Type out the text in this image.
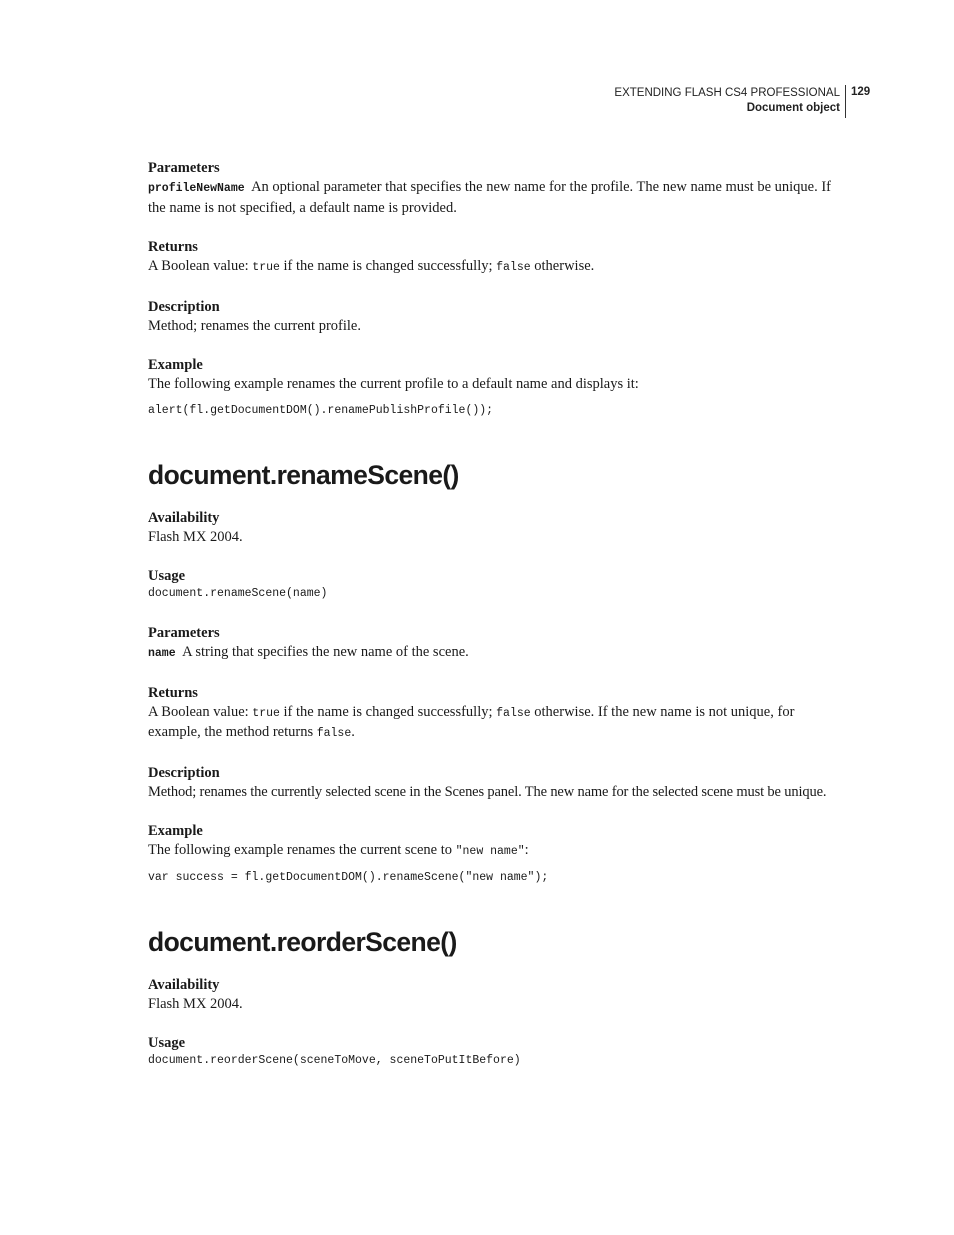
EXTENDING FLASH CS4 PROFESSIONAL
Document object
129

Parameters

profileNewName An optional parameter that specifies the new name for the profile. The new name must be unique. If the name is not specified, a default name is provided.

Returns

A Boolean value: true if the name is changed successfully; false otherwise.

Description

Method; renames the current profile.

Example

The following example renames the current profile to a default name and displays it:

alert(fl.getDocumentDOM().renamePublishProfile());

document.renameScene()

Availability

Flash MX 2004.

Usage

document.renameScene(name)

Parameters

name A string that specifies the new name of the scene.

Returns

A Boolean value: true if the name is changed successfully; false otherwise. If the new name is not unique, for example, the method returns false.

Description

Method; renames the currently selected scene in the Scenes panel. The new name for the selected scene must be unique.

Example

The following example renames the current scene to "new name":

var success = fl.getDocumentDOM().renameScene("new name");

document.reorderScene()

Availability

Flash MX 2004.

Usage

document.reorderScene(sceneToMove, sceneToPutItBefore)
